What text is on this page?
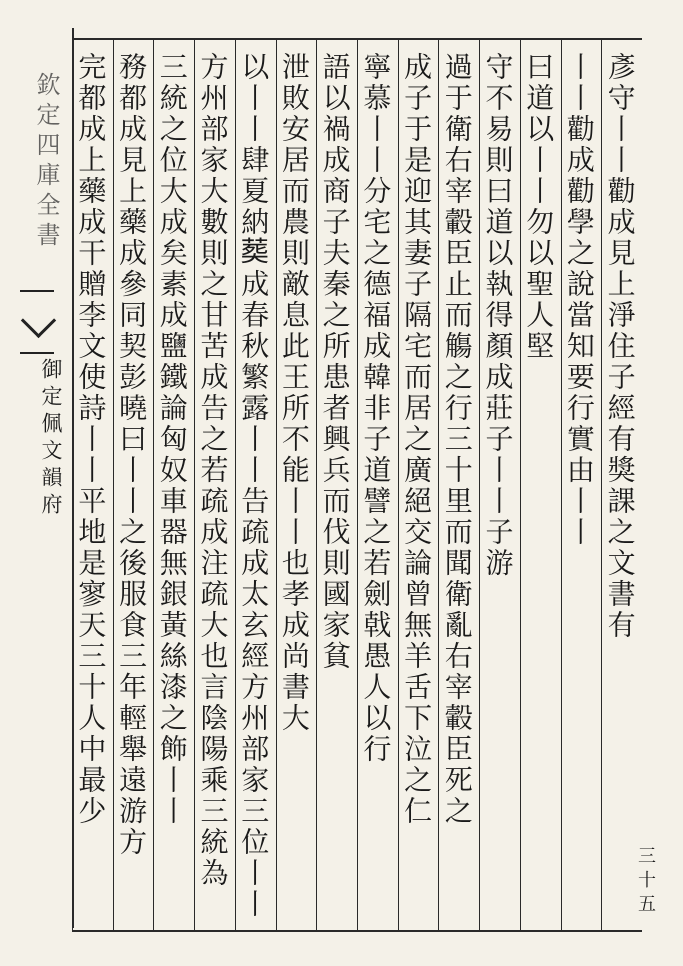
欽定四庫全書
御定佩文韻府	彥守丨丨勸成見上淨住子經有獎課之文書有
丨丨勸成勸學之說當知要行實由丨丨
曰道以丨丨勿以聖人堅
守不易則曰道以執得顏成莊子丨丨子游
過于衛右宰轂臣止而觴之行三十里而聞衛亂右宰轂臣死之
成子于是迎其妻子隔宅而居之廣絕交論曾無羊舌下泣之仁
寧慕丨丨分宅之德福成韓非子道譬之若劍戟愚人以行
語以禍成商子夫秦之所患者興兵而伐則國家貧
泄敗安居而農則敵息此王所不能丨丨也孝成尚書大
以丨丨肆夏納𦵏成春秋繁露丨丨告疏成太玄經方州部家三位丨丨
方州部家大數則之甘苦成告之若疏成注疏大也言陰陽乘三統為
三統之位大成矣素成鹽鐵論匈奴車器無銀黃絲漆之飾丨丨
務都成見上藥成參同契彭曉曰丨丨之後服食三年輕舉遠游方
完都成上藥成干贈李文使詩丨丨平地是寥天三十人中最少
三十五
